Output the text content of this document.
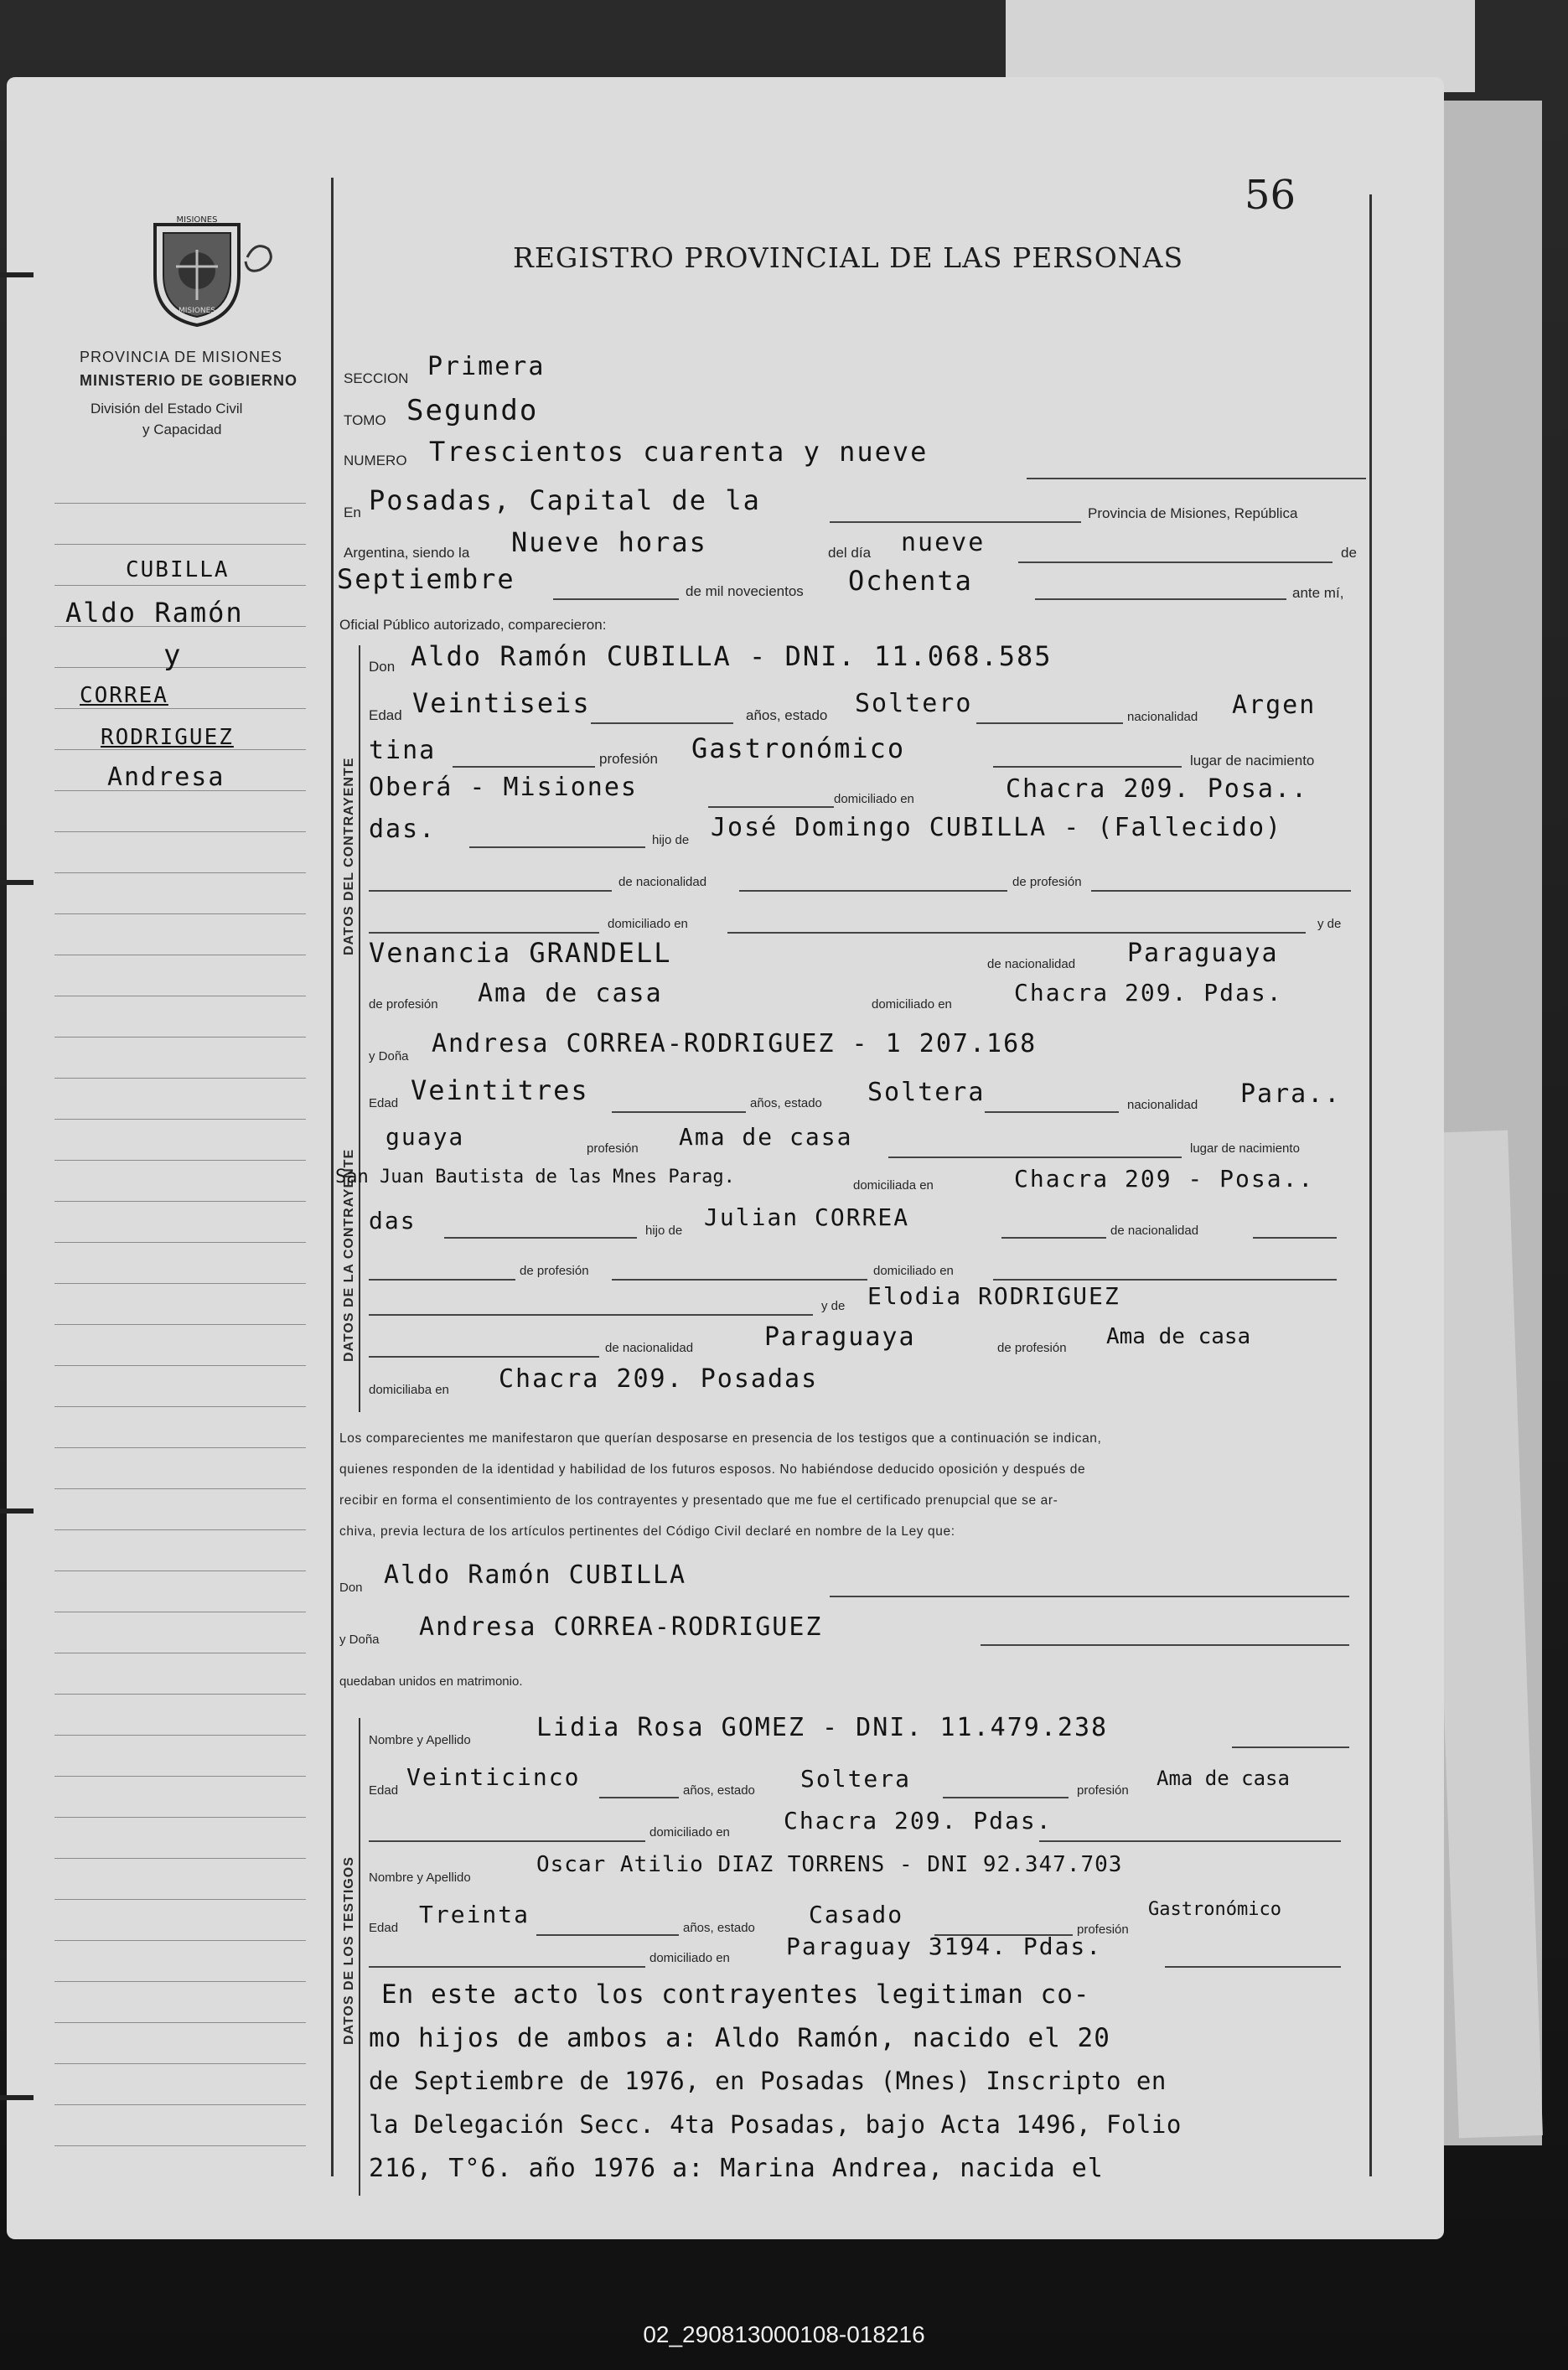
56
MISIONES
MISIONES
REGISTRO PROVINCIAL DE LAS PERSONAS
PROVINCIA DE MISIONES
MINISTERIO DE GOBIERNO
División del Estado Civil
y Capacidad
CUBILLA
Aldo Ramón
y
CORREA
RODRIGUEZ
Andresa
SECCION Primera
TOMO Segundo
NUMERO Trescientos cuarenta y nueve
En Posadas, Capital de la	Provincia de Misiones, República
Argentina, siendo la Nueve horas	del día nueve	de
Septiembre	de mil novecientos Ochenta	ante mí,
Oficial Público autorizado, comparecieron:
DATOS DEL CONTRAYENTE
Don Aldo Ramón CUBILLA - DNI. 11.068.585
Edad Veintiseis	años, estado Soltero	nacionalidad Argen
tina	profesión Gastronómico	lugar de nacimiento
Oberá - Misiones	domiciliado en	Chacra 209. Posa..
das.	hijo de José Domingo CUBILLA - (Fallecido)
de nacionalidad	de profesión
domiciliado en	y de
Venancia GRANDELL	de nacionalidad Paraguaya
de profesión Ama de casa	domiciliado en	Chacra 209. Pdas.
DATOS DE LA CONTRAYENTE
y Doña Andresa CORREA-RODRIGUEZ - 1 207.168
Edad Veintitres	años, estado Soltera	nacionalidad Para..
guaya	profesión Ama de casa	lugar de nacimiento
San Juan Bautista de las Mnes Parag.	domiciliada en	Chacra 209 - Posa..
das	hijo de Julian CORREA	de nacionalidad
de profesión	domiciliado en
y de Elodia RODRIGUEZ
de nacionalidad	Paraguaya	de profesión Ama de casa
domiciliaba en Chacra 209. Posadas
Los comparecientes me manifestaron que querían desposarse en presencia de los testigos que a continuación se indican,
quienes responden de la identidad y habilidad de los futuros esposos. No habiéndose deducido oposición y después de
recibir en forma el consentimiento de los contrayentes y presentado que me fue el certificado prenupcial que se ar-
chiva, previa lectura de los artículos pertinentes del Código Civil declaré en nombre de la Ley que:
Don Aldo Ramón CUBILLA
y Doña Andresa CORREA-RODRIGUEZ
quedaban unidos en matrimonio.
DATOS DE LOS TESTIGOS
Nombre y Apellido	Lidia Rosa GOMEZ - DNI. 11.479.238
Edad Veinticinco	años, estado Soltera	profesión
Ama de casa
domiciliado en Chacra 209. Pdas.
Nombre y Apellido
Oscar Atilio DIAZ TORRENS - DNI 92.347.703
Edad Treinta	años, estado Casado
profesión
Gastronómico
domiciliado en Paraguay 3194. Pdas.
En este acto los contrayentes legitiman co-
mo hijos de ambos a: Aldo Ramón, nacido el 20
de Septiembre de 1976, en Posadas (Mnes) Inscripto en
la Delegación Secc. 4ta Posadas, bajo Acta 1496, Folio
216, T°6. año 1976 a: Marina Andrea, nacida el
02_290813000108-018216
